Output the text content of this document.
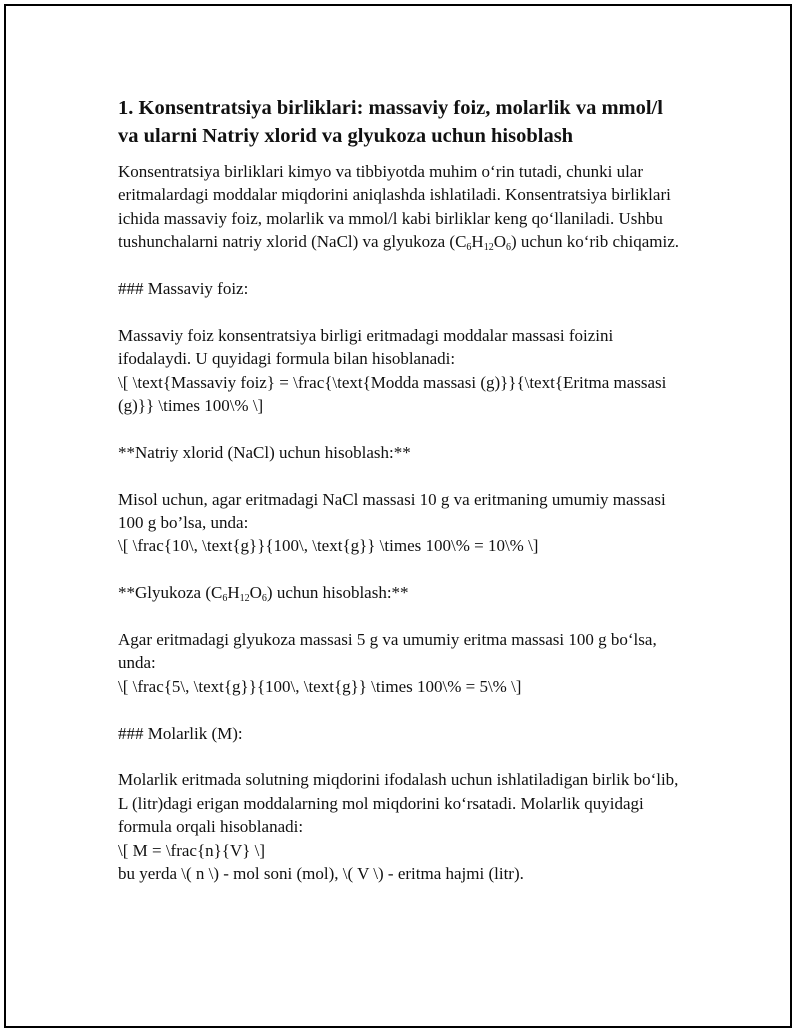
1. Konsentratsiya birliklari: massaviy foiz, molarlik va mmol/l va ularni Natriy xlorid va glyukoza uchun hisoblash

Konsentratsiya birliklari kimyo va tibbiyotda muhim o‘rin tutadi, chunki ular eritmalardagi moddalar miqdorini aniqlashda ishlatiladi. Konsentratsiya birliklari ichida massaviy foiz, molarlik va mmol/l kabi birliklar keng qo‘llaniladi. Ushbu tushunchalarni natriy xlorid (NaCl) va glyukoza $(C_6H_{12}O_6)$ uchun ko‘rib chiqamiz.

### Massaviy foiz:

Massaviy foiz konsentratsiya birligi eritmadagi moddalar massasi foizini ifodalaydi. U quyidagi formula bilan hisoblanadi:
\[ \text{Massaviy foiz} = \frac{\text{Modda massasi (g)}}{\text{Eritma massasi (g)}} \times 100\% \]

**Natriy xlorid (NaCl) uchun hisoblash:**

Misol uchun, agar eritmadagi NaCl massasi 10 g va eritmaning umumiy massasi 100 g bo’lsa, unda:
\[ \frac{10\, \text{g}}{100\, \text{g}} \times 100\% = 10\% \]

**Glyukoza $(C_6H_{12}O_6)$ uchun hisoblash:**

Agar eritmadagi glyukoza massasi 5 g va umumiy eritma massasi 100 g bo‘lsa, unda:
\[ \frac{5\, \text{g}}{100\, \text{g}} \times 100\% = 5\% \]

### Molarlik (M):

Molarlik eritmada solutning miqdorini ifodalash uchun ishlatiladigan birlik bo‘lib, L (litr)dagi erigan moddalarning mol miqdorini ko‘rsatadi. Molarlik quyidagi formula orqali hisoblanadi:
\[ M = \frac{n}{V} \]
bu yerda \( n \) - mol soni (mol), \( V \) - eritma hajmi (litr).
